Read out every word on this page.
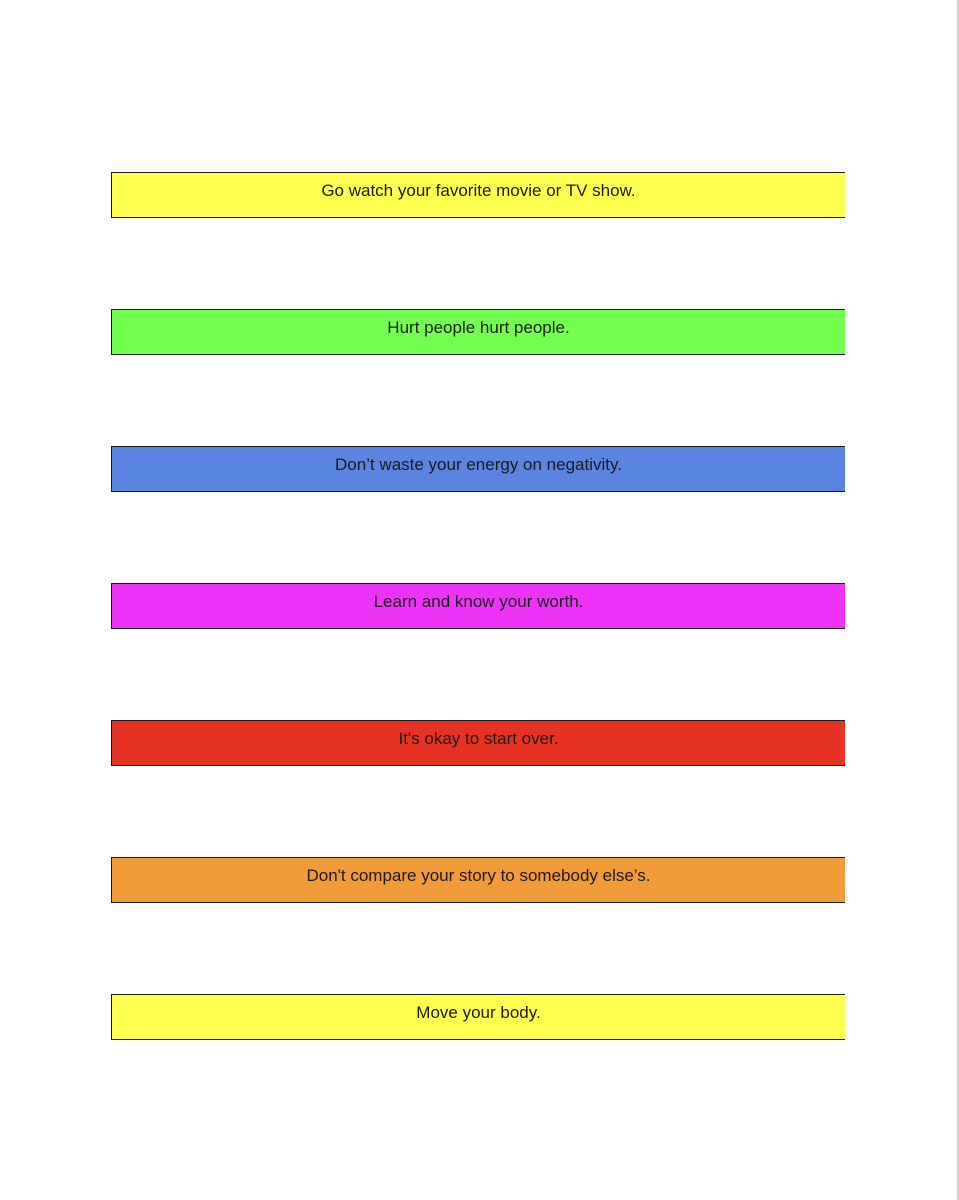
Go watch your favorite movie or TV show.
Hurt people hurt people.
Don’t waste your energy on negativity.
Learn and know your worth.
It's okay to start over.
Don't compare your story to somebody else’s.
Move your body.
